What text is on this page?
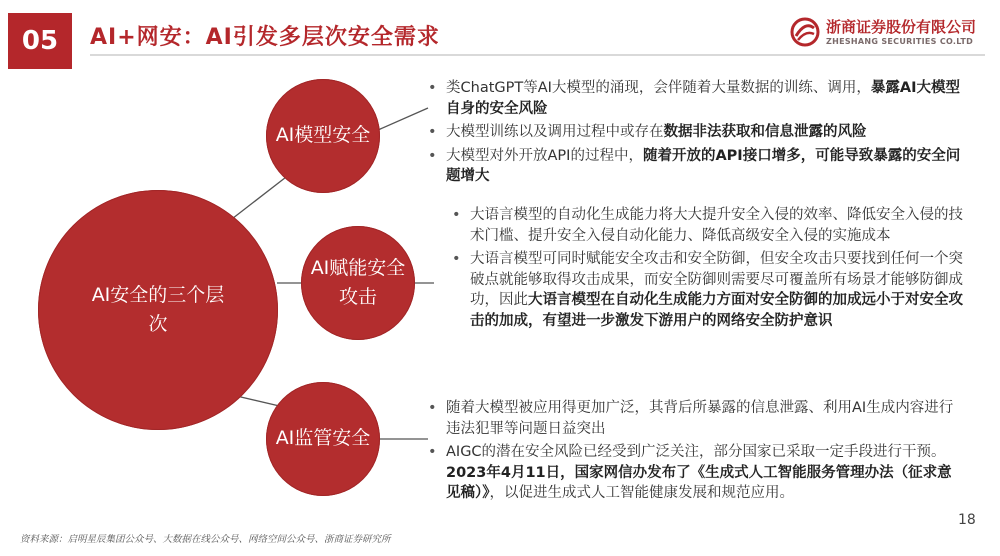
05	AI+网安：AI引发多层次安全需求	浙商证券股份有限公司
ZHESHANG SECURITIES CO.LTD
AI安全的三个层次
AI模型安全
AI赋能安全攻击
AI监管安全
• 类ChatGPT等AI大模型的涌现，会伴随着大量数据的训练、调用，暴露AI大模型自身的安全风险
• 大模型训练以及调用过程中或存在数据非法获取和信息泄露的风险
• 大模型对外开放API的过程中，随着开放的API接口增多，可能导致暴露的安全问题增大
• 大语言模型的自动化生成能力将大大提升安全入侵的效率、降低安全入侵的技术门槛、提升安全入侵自动化能力、降低高级安全入侵的实施成本
• 大语言模型可同时赋能安全攻击和安全防御，但安全攻击只要找到任何一个突破点就能够取得攻击成果，而安全防御则需要尽可覆盖所有场景才能够防御成功，因此大语言模型在自动化生成能力方面对安全防御的加成远小于对安全攻击的加成，有望进一步激发下游用户的网络安全防护意识
• 随着大模型被应用得更加广泛，其背后所暴露的信息泄露、利用AI生成内容进行违法犯罪等问题日益突出
• AIGC的潜在安全风险已经受到广泛关注，部分国家已采取一定手段进行干预。2023年4月11日，国家网信办发布了《生成式人工智能服务管理办法（征求意见稿）》，以促进生成式人工智能健康发展和规范应用。
资料来源：启明星辰集团公众号、大数据在线公众号、网络空间公众号、浙商证券研究所
18
